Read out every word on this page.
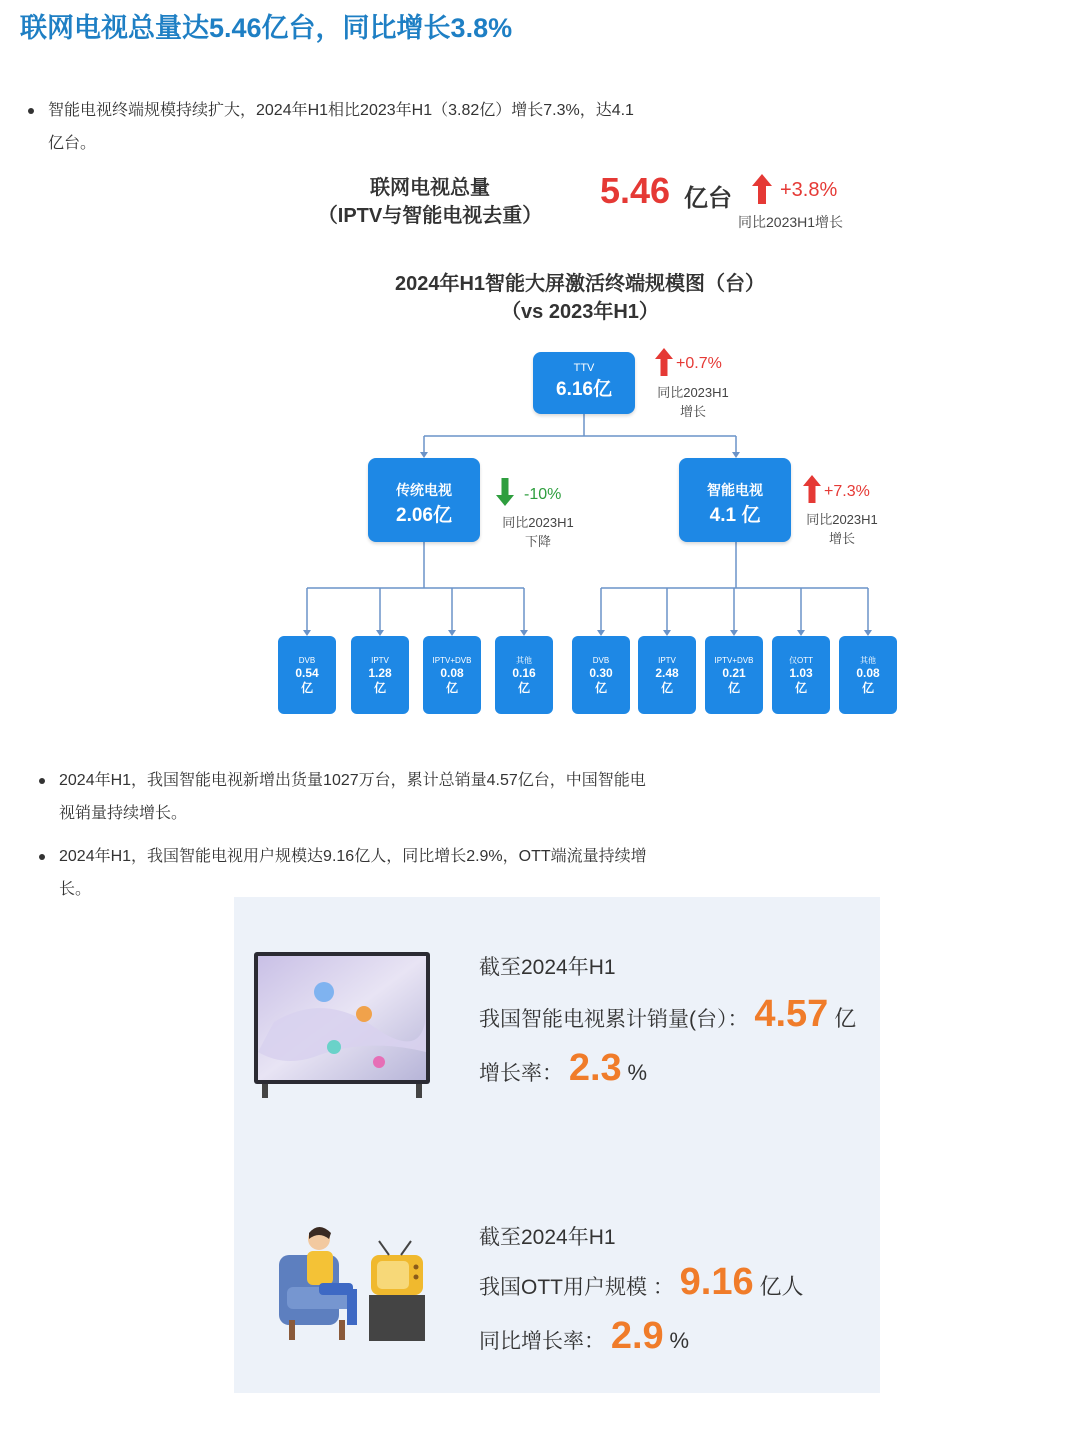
联网电视总量达5.46亿台，同比增长3.8%
智能电视终端规模持续扩大，2024年H1相比2023年H1（3.82亿）增长7.3%，达4.1亿台。
联网电视总量
（IPTV与智能电视去重）
5.46 亿台 +3.8%
同比2023H1增长
2024年H1智能大屏激活终端规模图（台）
（vs 2023年H1）
TTV
6.16亿
+0.7%
同比2023H1
增长
传统电视
2.06亿
-10%
同比2023H1
下降
智能电视
4.1 亿
+7.3%
同比2023H1
增长
DVB
0.54
亿
IPTV
1.28
亿
IPTV+DVB
0.08
亿
其他
0.16
亿
DVB
0.30
亿
IPTV
2.48
亿
IPTV+DVB
0.21
亿
仅OTT
1.03
亿
其他
0.08
亿
2024年H1，我国智能电视新增出货量1027万台，累计总销量4.57亿台，中国智能电视销量持续增长。
2024年H1，我国智能电视用户规模达9.16亿人，同比增长2.9%，OTT端流量持续增长。
截至2024年H1
我国智能电视累计销量(台）： 4.57 亿
增长率： 2.3 %
截至2024年H1
我国OTT用户规模 ： 9.16 亿人
同比增长率： 2.9 %
